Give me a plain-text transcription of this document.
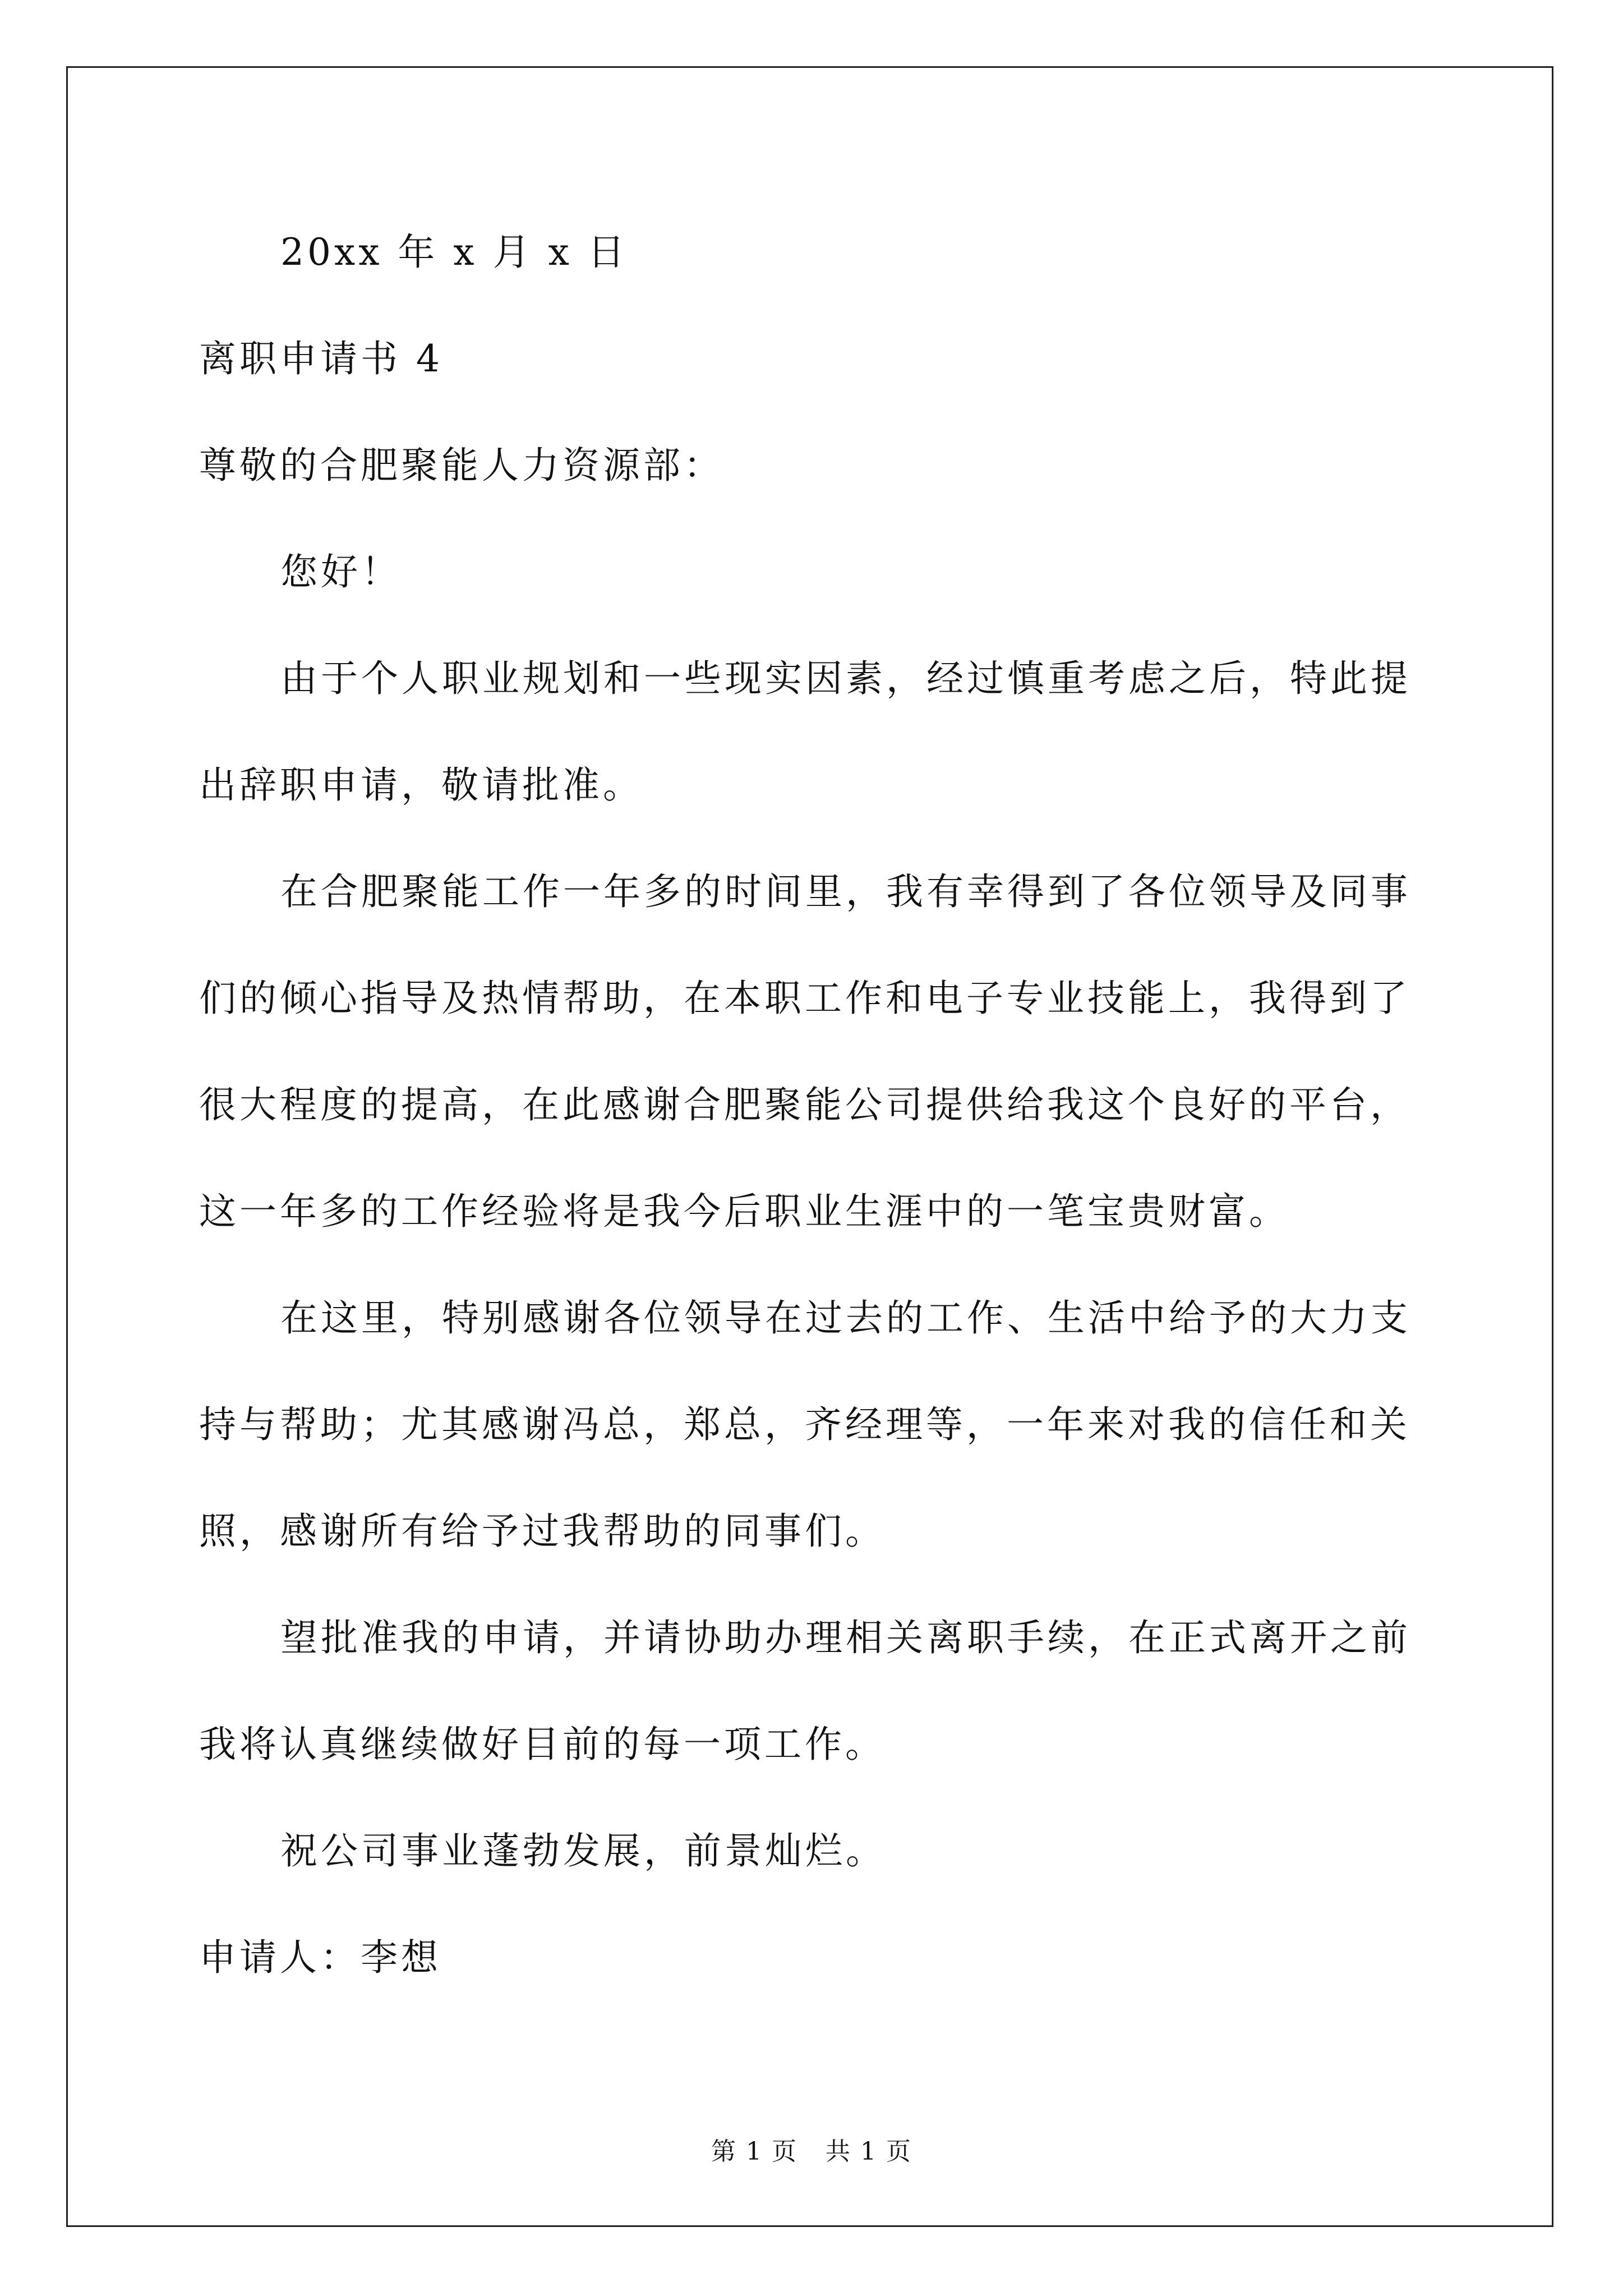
20xx 年 x 月 x 日
离职申请书 4
尊敬的合肥聚能人力资源部：
您好！
由于个人职业规划和一些现实因素，经过慎重考虑之后，特此提
出辞职申请，敬请批准。
在合肥聚能工作一年多的时间里，我有幸得到了各位领导及同事
们的倾心指导及热情帮助，在本职工作和电子专业技能上，我得到了
很大程度的提高，在此感谢合肥聚能公司提供给我这个良好的平台，
这一年多的工作经验将是我今后职业生涯中的一笔宝贵财富。
在这里，特别感谢各位领导在过去的工作、生活中给予的大力支
持与帮助；尤其感谢冯总，郑总，齐经理等，一年来对我的信任和关
照，感谢所有给予过我帮助的同事们。
望批准我的申请，并请协助办理相关离职手续，在正式离开之前
我将认真继续做好目前的每一项工作。
祝公司事业蓬勃发展，前景灿烂。
申请人：李想
第 1 页 共 1 页
